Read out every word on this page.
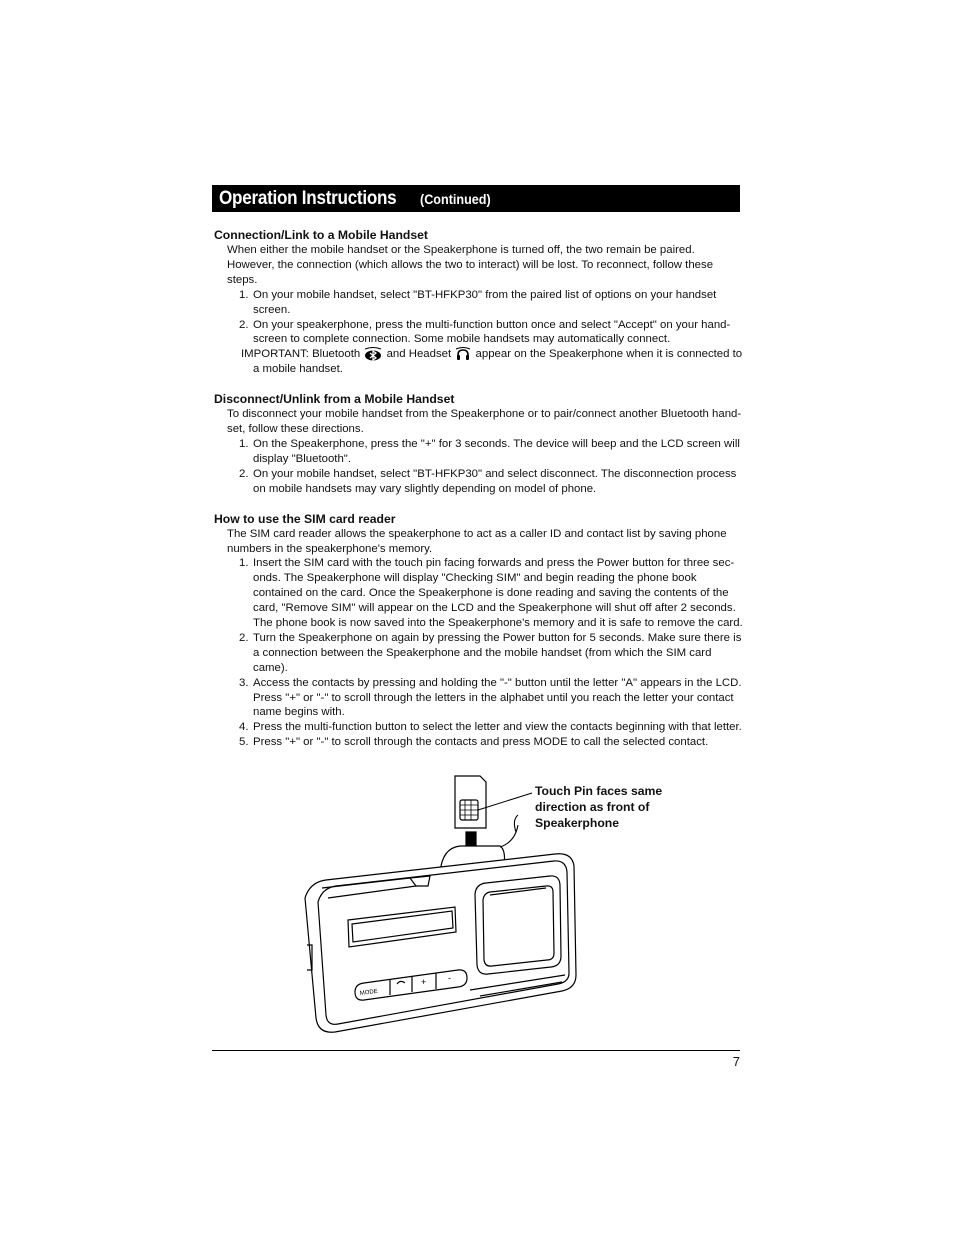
Operation Instructions (Continued)
Connection/Link to a Mobile Handset

When either the mobile handset or the Speakerphone is turned off, the two remain be paired. However, the connection (which allows the two to interact) will be lost. To reconnect, follow these steps.

1. On your mobile handset, select "BT-HFKP30" from the paired list of options on your handset screen.
2. On your speakerphone, press the multi-function button once and select "Accept" on your hand-screen to complete connection. Some mobile handsets may automatically connect.
IMPORTANT: Bluetooth and Headset appear on the Speakerphone when it is connected to a mobile handset.
Disconnect/Unlink from a Mobile Handset

To disconnect your mobile handset from the Speakerphone or to pair/connect another Bluetooth hand-set, follow these directions.

1. On the Speakerphone, press the "+" for 3 seconds. The device will beep and the LCD screen will display "Bluetooth".
2. On your mobile handset, select "BT-HFKP30" and select disconnect. The disconnection process on mobile handsets may vary slightly depending on model of phone.
How to use the SIM card reader

The SIM card reader allows the speakerphone to act as a caller ID and contact list by saving phone numbers in the speakerphone's memory.

1. Insert the SIM card with the touch pin facing forwards and press the Power button for three sec-onds. The Speakerphone will display "Checking SIM" and begin reading the phone book contained on the card. Once the Speakerphone is done reading and saving the contents of the card, "Remove SIM" will appear on the LCD and the Speakerphone will shut off after 2 seconds. The phone book is now saved into the Speakerphone's memory and it is safe to remove the card.
2. Turn the Speakerphone on again by pressing the Power button for 5 seconds. Make sure there is a connection between the Speakerphone and the mobile handset (from which the SIM card came).
3. Access the contacts by pressing and holding the "-" button until the letter "A" appears in the LCD. Press "+" or "-" to scroll through the letters in the alphabet until you reach the letter your contact name begins with.
4. Press the multi-function button to select the letter and view the contacts beginning with that letter.
5. Press "+" or "-" to scroll through the contacts and press MODE to call the selected contact.
MODE
+ -
Touch Pin faces same direction as front of Speakerphone
7
